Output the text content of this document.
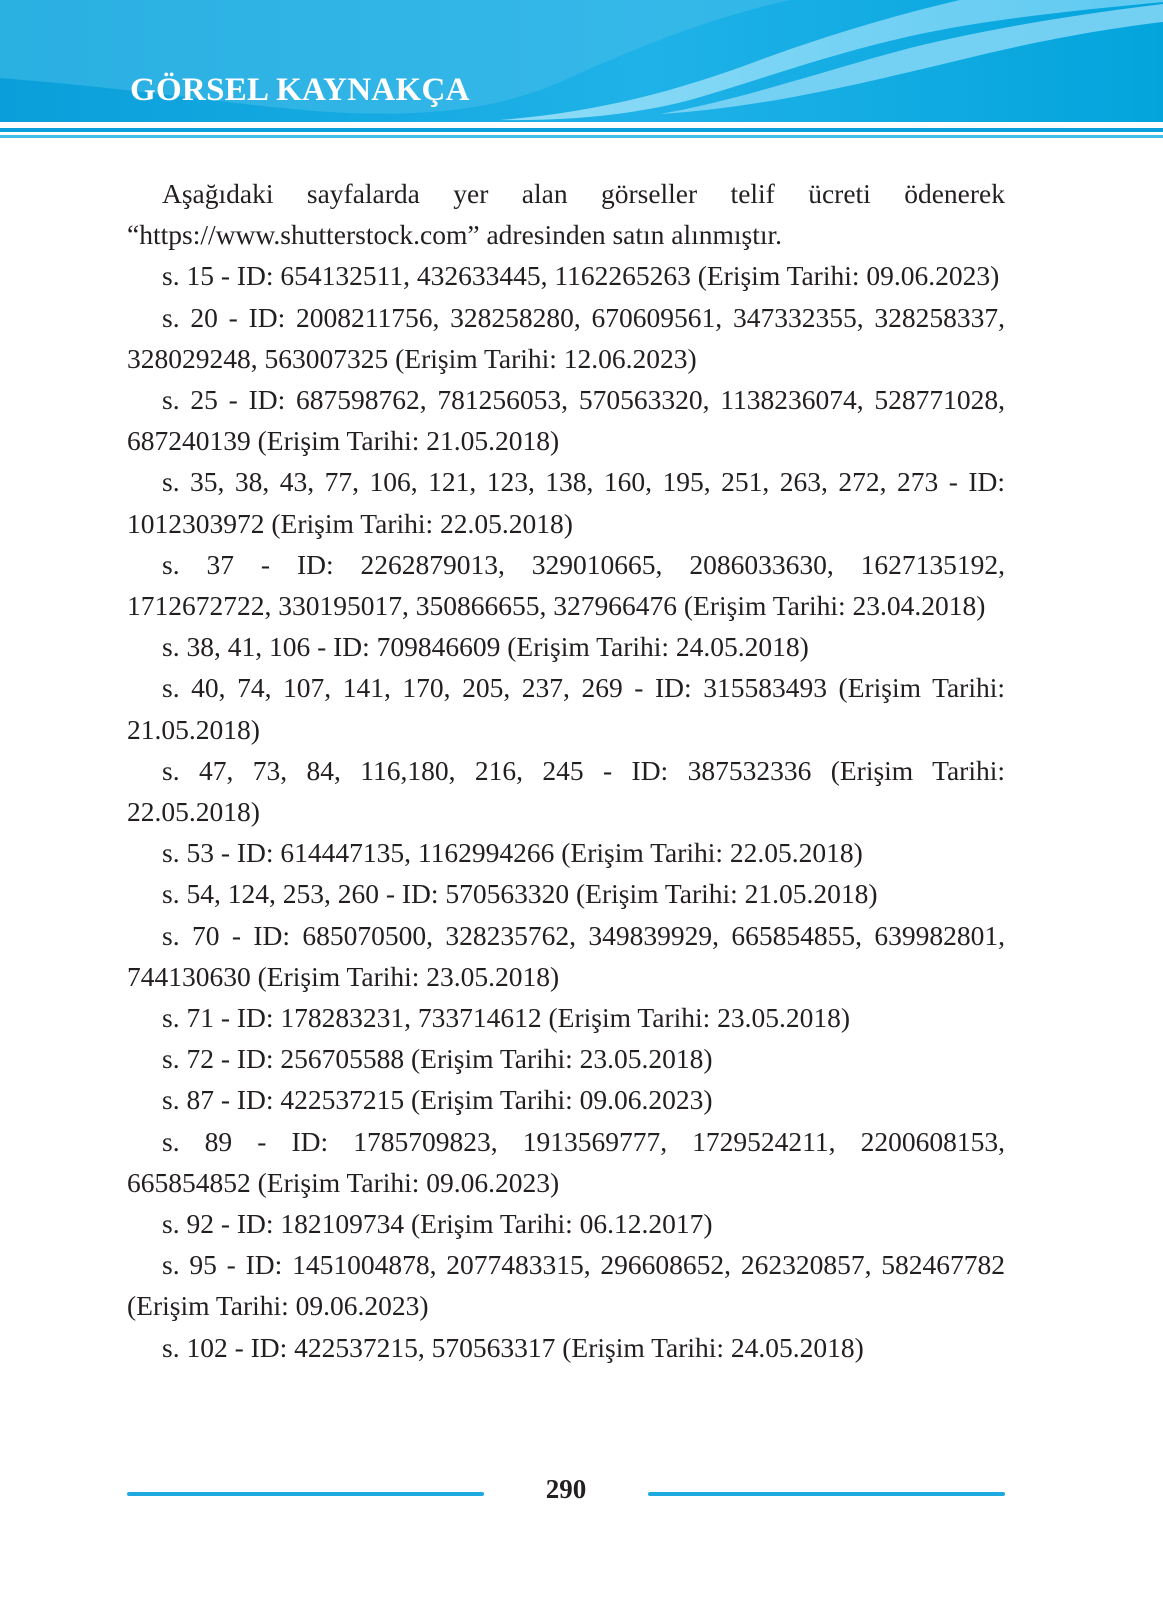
GÖRSEL KAYNAKÇA

Aşağıdaki sayfalarda yer alan görseller telif ücreti ödenerek “https://www.shutterstock.com” adresinden satın alınmıştır.

s. 15 - ID: 654132511, 432633445, 1162265263 (Erişim Tarihi: 09.06.2023)

s. 20 - ID: 2008211756, 328258280, 670609561, 347332355, 328258337, 328029248, 563007325 (Erişim Tarihi: 12.06.2023)

s. 25 - ID: 687598762, 781256053, 570563320, 1138236074, 528771028, 687240139 (Erişim Tarihi: 21.05.2018)

s. 35, 38, 43, 77, 106, 121, 123, 138, 160, 195, 251, 263, 272, 273 - ID: 1012303972 (Erişim Tarihi: 22.05.2018)

s. 37 - ID: 2262879013, 329010665, 2086033630, 1627135192, 1712672722, 330195017, 350866655, 327966476 (Erişim Tarihi: 23.04.2018)

s. 38, 41, 106 - ID: 709846609 (Erişim Tarihi: 24.05.2018)

s. 40, 74, 107, 141, 170, 205, 237, 269 - ID: 315583493 (Erişim Tarihi: 21.05.2018)

s. 47, 73, 84, 116,180, 216, 245 - ID: 387532336 (Erişim Tarihi: 22.05.2018)

s. 53 - ID: 614447135, 1162994266 (Erişim Tarihi: 22.05.2018)

s. 54, 124, 253, 260 - ID: 570563320 (Erişim Tarihi: 21.05.2018)

s. 70 - ID: 685070500, 328235762, 349839929, 665854855, 639982801, 744130630 (Erişim Tarihi: 23.05.2018)

s. 71 - ID: 178283231, 733714612 (Erişim Tarihi: 23.05.2018)

s. 72 - ID: 256705588 (Erişim Tarihi: 23.05.2018)

s. 87 - ID: 422537215 (Erişim Tarihi: 09.06.2023)

s. 89 - ID: 1785709823, 1913569777, 1729524211, 2200608153, 665854852 (Erişim Tarihi: 09.06.2023)

s. 92 - ID: 182109734 (Erişim Tarihi: 06.12.2017)

s. 95 - ID: 1451004878, 2077483315, 296608652, 262320857, 582467782 (Erişim Tarihi: 09.06.2023)

s. 102 - ID: 422537215, 570563317 (Erişim Tarihi: 24.05.2018)

290
